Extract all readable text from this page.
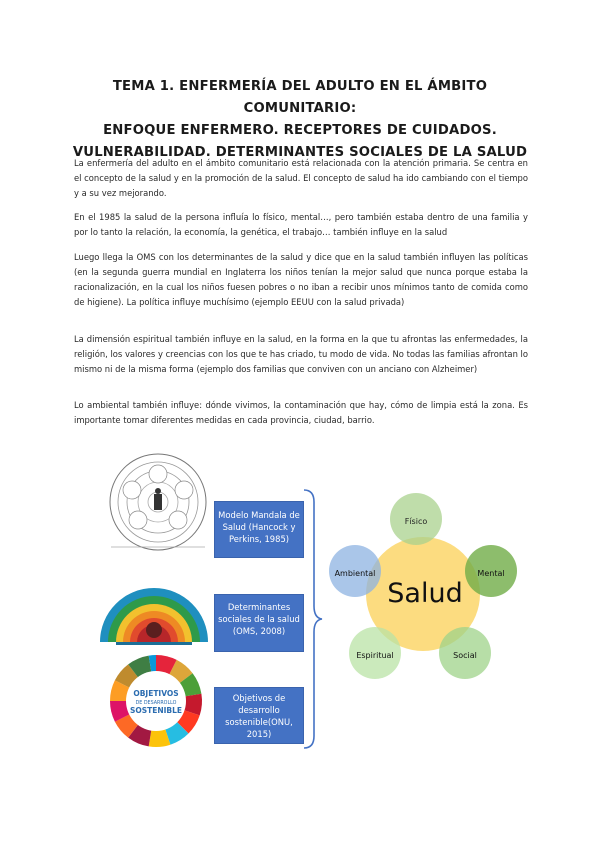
TEMA 1. ENFERMERÍA DEL ADULTO EN EL ÁMBITO COMUNITARIO:
ENFOQUE ENFERMERO. RECEPTORES DE CUIDADOS.
VULNERABILIDAD. DETERMINANTES SOCIALES DE LA SALUD

La enfermería del adulto en el ámbito comunitario está relacionada con la atención primaria. Se centra en el concepto de la salud y en la promoción de la salud. El concepto de salud ha ido cambiando con el tiempo y a su vez mejorando.

En el 1985 la salud de la persona influía lo físico, mental…, pero también estaba dentro de una familia y por lo tanto la relación, la economía, la genética, el trabajo… también influye en la salud

Luego llega la OMS con los determinantes de la salud y dice que en la salud también influyen las políticas (en la segunda guerra mundial en Inglaterra los niños tenían la mejor salud que nunca porque estaba la racionalización, en la cual los niños fuesen pobres o no iban a recibir unos mínimos tanto de comida como de higiene). La política influye muchísimo (ejemplo EEUU con la salud privada)

La dimensión espiritual también influye en la salud, en la forma en la que tu afrontas las enfermedades, la religión, los valores y creencias con los que te has criado, tu modo de vida. No todas las familias afrontan lo mismo ni de la misma forma (ejemplo dos familias que conviven con un anciano con Alzheimer)

Lo ambiental también influye: dónde vivimos, la contaminación que hay, cómo de limpia está la zona. Es importante tomar diferentes medidas en cada provincia, ciudad, barrio.

OBJETIVOS
DE DESARROLLO
SOSTENIBLE
Modelo Mandala de Salud (Hancock y Perkins, 1985)
Determinantes sociales de la salud (OMS, 2008)
Objetivos de desarrollo sostenible(ONU, 2015)
Salud
Físico
Mental
Social
Espiritual
Ambiental
